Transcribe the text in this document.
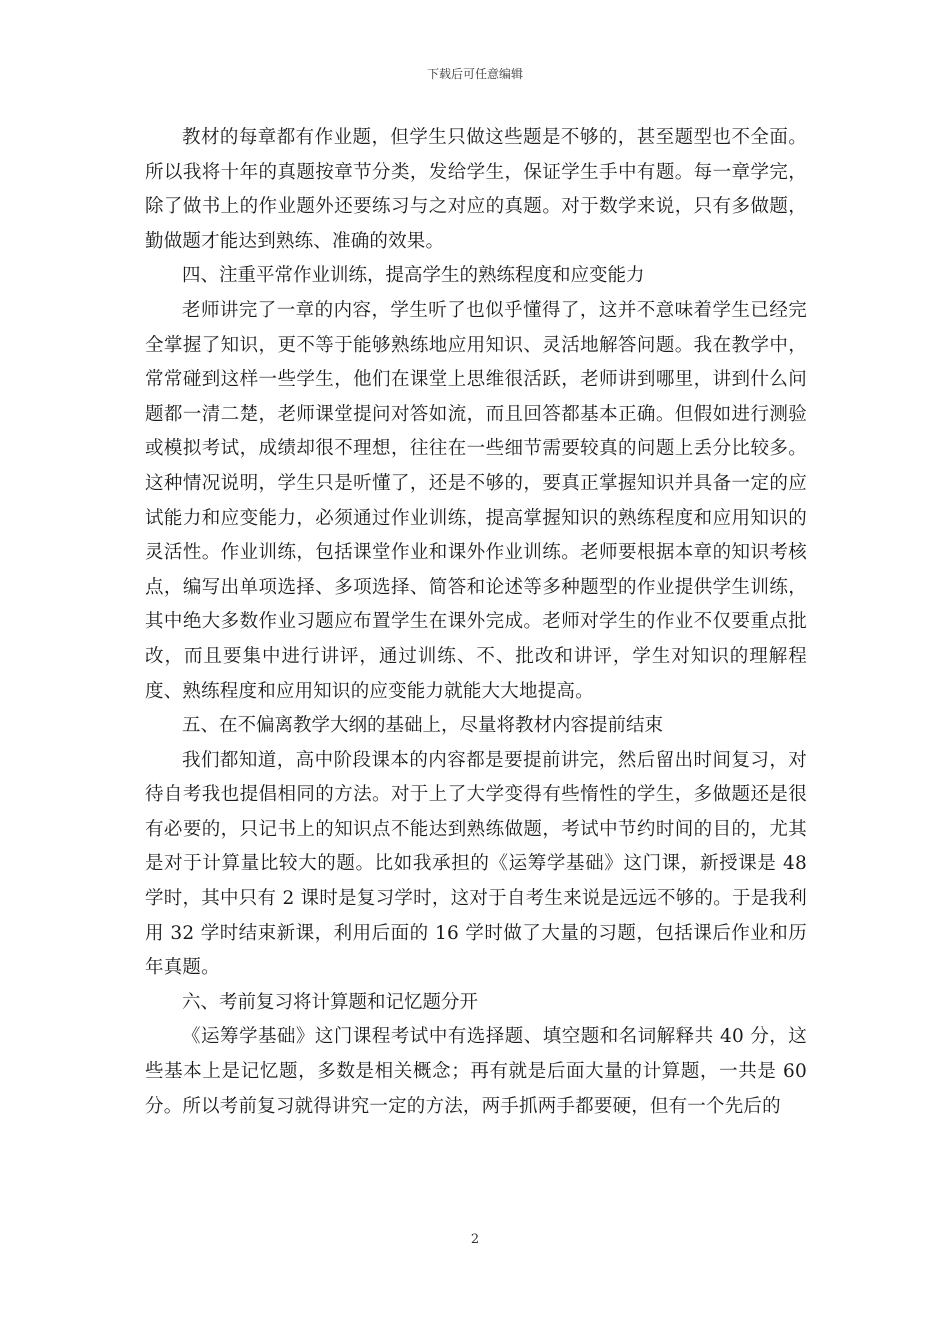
下载后可任意编辑

教材的每章都有作业题，但学生只做这些题是不够的，甚至题型也不全面。所以我将十年的真题按章节分类，发给学生，保证学生手中有题。每一章学完，除了做书上的作业题外还要练习与之对应的真题。对于数学来说，只有多做题，勤做题才能达到熟练、准确的效果。

四、注重平常作业训练，提高学生的熟练程度和应变能力

老师讲完了一章的内容，学生听了也似乎懂得了，这并不意味着学生已经完全掌握了知识，更不等于能够熟练地应用知识、灵活地解答问题。我在教学中，常常碰到这样一些学生，他们在课堂上思维很活跃，老师讲到哪里，讲到什么问题都一清二楚，老师课堂提问对答如流，而且回答都基本正确。但假如进行测验或模拟考试，成绩却很不理想，往往在一些细节需要较真的问题上丢分比较多。这种情况说明，学生只是听懂了，还是不够的，要真正掌握知识并具备一定的应试能力和应变能力，必须通过作业训练，提高掌握知识的熟练程度和应用知识的灵活性。作业训练，包括课堂作业和课外作业训练。老师要根据本章的知识考核点，编写出单项选择、多项选择、简答和论述等多种题型的作业提供学生训练，其中绝大多数作业习题应布置学生在课外完成。老师对学生的作业不仅要重点批改，而且要集中进行讲评，通过训练、不、批改和讲评，学生对知识的理解程度、熟练程度和应用知识的应变能力就能大大地提高。

五、在不偏离教学大纲的基础上，尽量将教材内容提前结束

我们都知道，高中阶段课本的内容都是要提前讲完，然后留出时间复习，对待自考我也提倡相同的方法。对于上了大学变得有些惰性的学生，多做题还是很有必要的，只记书上的知识点不能达到熟练做题，考试中节约时间的目的，尤其是对于计算量比较大的题。比如我承担的《运筹学基础》这门课，新授课是 48 学时，其中只有 2 课时是复习学时，这对于自考生来说是远远不够的。于是我利用 32 学时结束新课，利用后面的 16 学时做了大量的习题，包括课后作业和历年真题。

六、考前复习将计算题和记忆题分开

《运筹学基础》这门课程考试中有选择题、填空题和名词解释共 40 分，这些基本上是记忆题，多数是相关概念；再有就是后面大量的计算题，一共是 60 分。所以考前复习就得讲究一定的方法，两手抓两手都要硬，但有一个先后的

2
